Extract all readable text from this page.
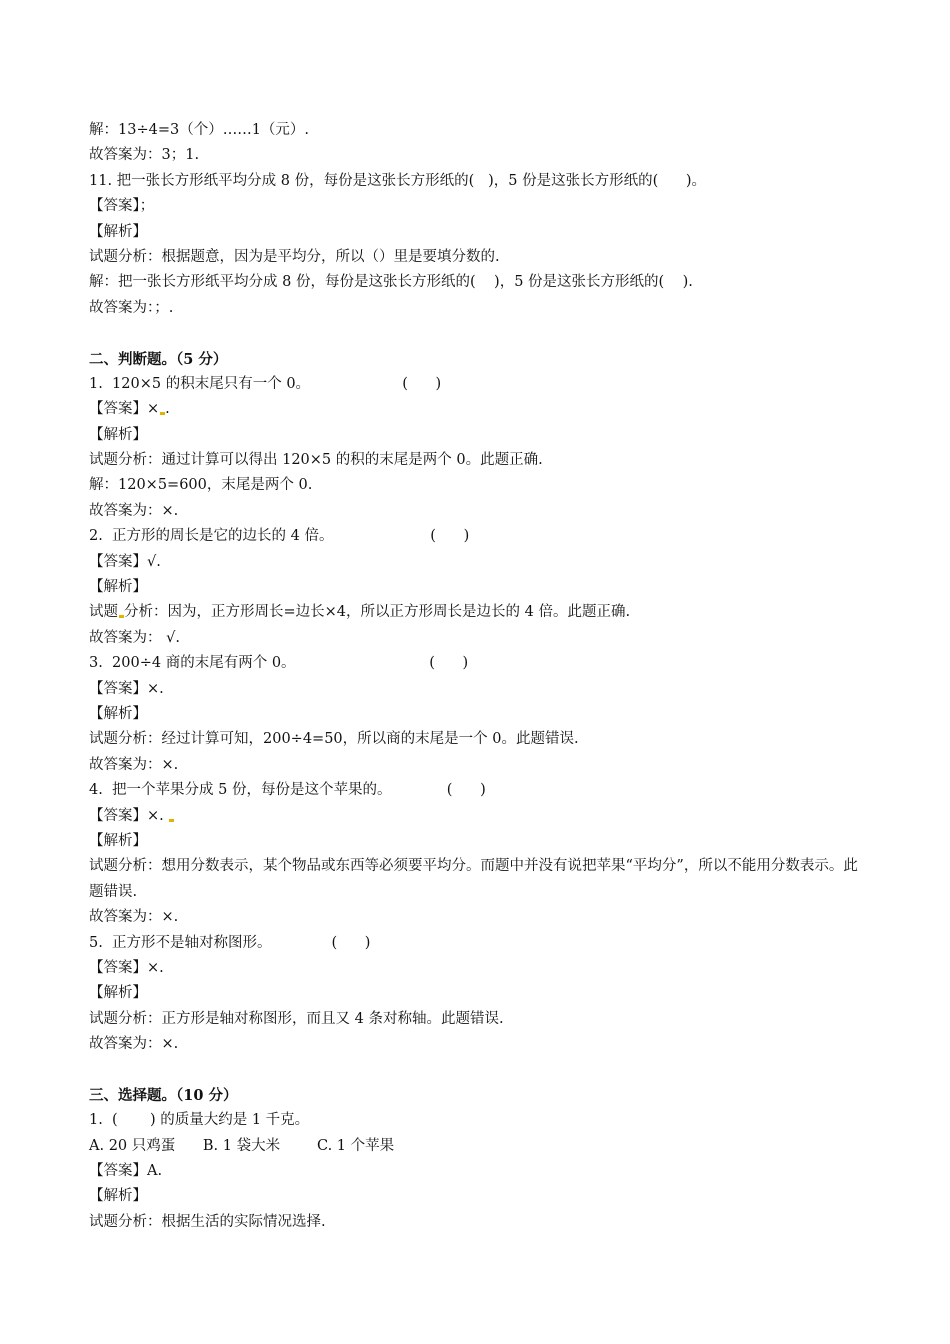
解：13÷4=3（个）……1（元）.
故答案为：3；1.
11. 把一张长方形纸平均分成 8 份，每份是这张长方形纸的(   )，5 份是这张长方形纸的(      )。
【答案】；
【解析】
试题分析：根据题意，因为是平均分，所以（）里是要填分数的.
解：把一张长方形纸平均分成 8 份，每份是这张长方形纸的(    )，5 份是这张长方形纸的(    ).
故答案为：；.
二、判断题。（5 分）
1.  120×5 的积末尾只有一个 0。                    (      )
【答案】× .
【解析】
试题分析：通过计算可以得出 120×5 的积的末尾是两个 0。此题正确.
解：120×5=600，末尾是两个 0.
故答案为：×.
2.  正方形的周长是它的边长的 4 倍。                     (      )
【答案】√.
【解析】
试题 分析：因为，正方形周长=边长×4，所以正方形周长是边长的 4 倍。此题正确.
故答案为： √.
3.  200÷4 商的末尾有两个 0。                             (      )
【答案】×.
【解析】
试题分析：经过计算可知，200÷4=50，所以商的末尾是一个 0。此题错误.
故答案为：×.
4.  把一个苹果分成 5 份，每份是这个苹果的。            (      )
【答案】×.
【解析】
试题分析：想用分数表示，某个物品或东西等必须要平均分。而题中并没有说把苹果“平均分”，所以不能用分数表示。此题错误.
故答案为：×.
5.  正方形不是轴对称图形。             (      )
【答案】×.
【解析】
试题分析：正方形是轴对称图形，而且又 4 条对称轴。此题错误.
故答案为：×.
三、选择题。（10 分）
1.  (       ) 的质量大约是 1 千克。
A. 20 只鸡蛋      B. 1 袋大米        C. 1 个苹果
【答案】A.
【解析】
试题分析：根据生活的实际情况选择.
